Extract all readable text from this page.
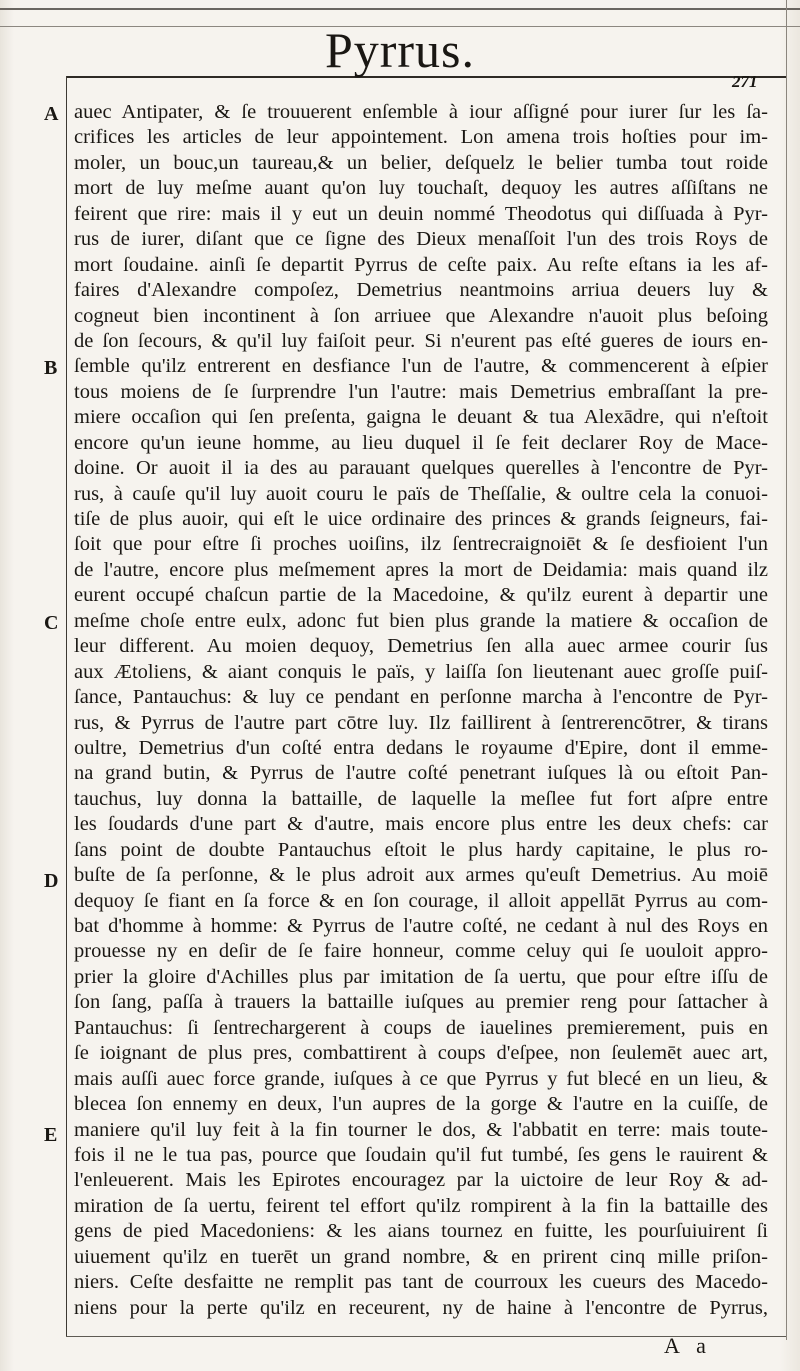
Pyrrus.
271
A
B
C
D
E
auec Antipater, & ſe trouuerent enſemble à iour aſſigné pour iurer ſur les ſa-
crifices les articles de leur appointement. Lon amena trois hoſties pour im-
moler, un bouc,un taureau,& un belier, deſquelz le belier tumba tout roide
mort de luy meſme auant qu'on luy touchaſt, dequoy les autres aſſiſtans ne
feirent que rire: mais il y eut un deuin nommé Theodotus qui diſſuada à Pyr-
rus de iurer, diſant que ce ſigne des Dieux menaſſoit l'un des trois Roys de
mort ſoudaine. ainſi ſe departit Pyrrus de ceſte paix. Au reſte eſtans ia les af-
faires d'Alexandre compoſez, Demetrius neantmoins arriua deuers luy &
cogneut bien incontinent à ſon arriuee que Alexandre n'auoit plus beſoing
de ſon ſecours, & qu'il luy faiſoit peur. Si n'eurent pas eſté gueres de iours en-
ſemble qu'ilz entrerent en desfiance l'un de l'autre, & commencerent à eſpier
tous moiens de ſe ſurprendre l'un l'autre: mais Demetrius embraſſant la pre-
miere occaſion qui ſen preſenta, gaigna le deuant & tua Alexādre, qui n'eſtoit
encore qu'un ieune homme, au lieu duquel il ſe feit declarer Roy de Mace-
doine. Or auoit il ia des au parauant quelques querelles à l'encontre de Pyr-
rus, à cauſe qu'il luy auoit couru le païs de Theſſalie, & oultre cela la conuoi-
tiſe de plus auoir, qui eſt le uice ordinaire des princes & grands ſeigneurs, fai-
ſoit que pour eſtre ſi proches uoiſins, ilz ſentrecraignoiēt & ſe desfioient l'un
de l'autre, encore plus meſmement apres la mort de Deidamia: mais quand ilz
eurent occupé chaſcun partie de la Macedoine, & qu'ilz eurent à departir une
meſme choſe entre eulx, adonc fut bien plus grande la matiere & occaſion de
leur different. Au moien dequoy, Demetrius ſen alla auec armee courir ſus
aux Ætoliens, & aiant conquis le païs, y laiſſa ſon lieutenant auec groſſe puiſ-
ſance, Pantauchus: & luy ce pendant en perſonne marcha à l'encontre de Pyr-
rus, & Pyrrus de l'autre part cōtre luy. Ilz faillirent à ſentrerencōtrer, & tirans
oultre, Demetrius d'un coſté entra dedans le royaume d'Epire, dont il emme-
na grand butin, & Pyrrus de l'autre coſté penetrant iuſques là ou eſtoit Pan-
tauchus, luy donna la battaille, de laquelle la meſlee fut fort aſpre entre
les ſoudards d'une part & d'autre, mais encore plus entre les deux chefs: car
ſans point de doubte Pantauchus eſtoit le plus hardy capitaine, le plus ro-
buſte de ſa perſonne, & le plus adroit aux armes qu'euſt Demetrius. Au moiē
dequoy ſe fiant en ſa force & en ſon courage, il alloit appellāt Pyrrus au com-
bat d'homme à homme: & Pyrrus de l'autre coſté, ne cedant à nul des Roys en
prouesse ny en deſir de ſe faire honneur, comme celuy qui ſe uouloit appro-
prier la gloire d'Achilles plus par imitation de ſa uertu, que pour eſtre iſſu de
ſon ſang, paſſa à trauers la battaille iuſques au premier reng pour ſattacher à
Pantauchus: ſi ſentrechargerent à coups de iauelines premierement, puis en
ſe ioignant de plus pres, combattirent à coups d'eſpee, non ſeulemēt auec art,
mais auſſi auec force grande, iuſques à ce que Pyrrus y fut blecé en un lieu, &
blecea ſon ennemy en deux, l'un aupres de la gorge & l'autre en la cuiſſe, de
maniere qu'il luy feit à la fin tourner le dos, & l'abbatit en terre: mais toute-
fois il ne le tua pas, pource que ſoudain qu'il fut tumbé, ſes gens le rauirent &
l'enleuerent. Mais les Epirotes encouragez par la uictoire de leur Roy & ad-
miration de ſa uertu, feirent tel effort qu'ilz rompirent à la fin la battaille des
gens de pied Macedoniens: & les aians tournez en fuitte, les pourſuiuirent ſi
uiuement qu'ilz en tuerēt un grand nombre, & en prirent cinq mille priſon-
niers. Ceſte desfaitte ne remplit pas tant de courroux les cueurs des Macedo-
niens pour la perte qu'ilz en receurent, ny de haine à l'encontre de Pyrrus,
A a
